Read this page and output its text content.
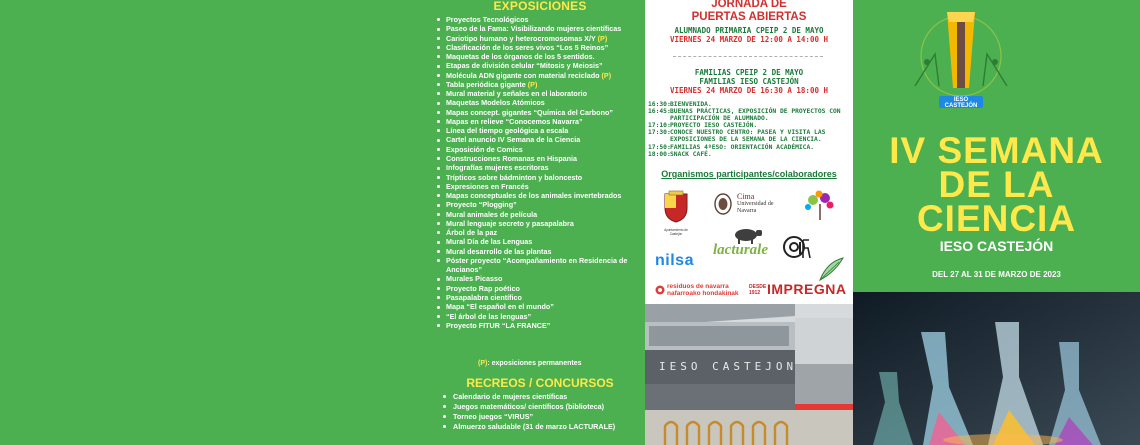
EXPOSICIONES
Proyectos Tecnológicos
Paseo de la Fama: Visibilizando mujeres científicas
Cariotipo humano y heterocromosomas X/Y (P)
Clasificación de los seres vivos “Los 5 Reinos”
Maquetas de los órganos de los 5 sentidos.
Etapas de división celular “Mitosis y Meiosis”
Molécula ADN gigante con material reciclado (P)
Tabla periódica gigante (P)
Mural material y señales en el laboratorio
Maquetas Modelos Atómicos
Mapas concept. gigantes “Química del Carbono”
Mapas en relieve “Conocemos Navarra”
Línea del tiempo geológica a escala
Cartel anuncio IV Semana de la Ciencia
Exposición de Comics
Construcciones Romanas en Hispania
Infografías mujeres escritoras
Trípticos sobre bádminton y baloncesto
Expresiones en Francés
Mapas conceptuales de los animales invertebrados
Proyecto “Plogging”
Mural animales de película
Mural lenguaje secreto y pasapalabra
Árbol de la paz
Mural Día de las Lenguas
Mural desarrollo de las plantas
Póster proyecto “Acompañamiento en Residencia de Ancianos”
Murales Picasso
Proyecto Rap poético
Pasapalabra científico
Mapa “El español en el mundo”
“El árbol de las lenguas”
Proyecto FITUR “LA FRANCE”
(P): exposiciones permanentes
RECREOS / CONCURSOS
Calendario de mujeres científicas
Juegos matemáticos/ científicos (biblioteca)
Torneo juegos “VIRUS”
Almuerzo saludable (31 de marzo LACTURALE)
JORNADA DE
PUERTAS ABIERTAS
ALUMNADO PRIMARIA CPEIP 2 DE MAYO
VIERNES 24 MARZO DE 12:00 A 14:00 H
FAMILIAS CPEIP 2 DE MAYO
FAMILIAS IESO CASTEJÓN
VIERNES 24 MARZO DE 16:30 A 18:00 H
16:30: BIENVENIDA.
16:45: BUENAS PRÁCTICAS, EXPOSICIÓN DE PROYECTOS CON PARTICIPACIÓN DE ALUMNADO.
17:10: PROYECTO IESO CASTEJÓN.
17:30: CONOCE NUESTRO CENTRO: PASEA Y VISITA LAS EXPOSICIONES DE LA SEMANA DE LA CIENCIA.
17:50: FAMILIAS 4ºESO: ORIENTACIÓN ACADÉMICA.
18:00: SNACK CAFÉ.
Organismos participantes/colaboradores
Ayuntamiento de Castejón
Cima
Universidad de Navarra
lacturale
nilsa
residuos de navarra
nafarroako hondakinak
DESDE 1912 IMPREGNA
IESO CASTEJON
IESO CASTEJÓN
IV SEMANA
DE LA
CIENCIA
IESO CASTEJÓN
DEL 27 AL 31 DE MARZO DE 2023
